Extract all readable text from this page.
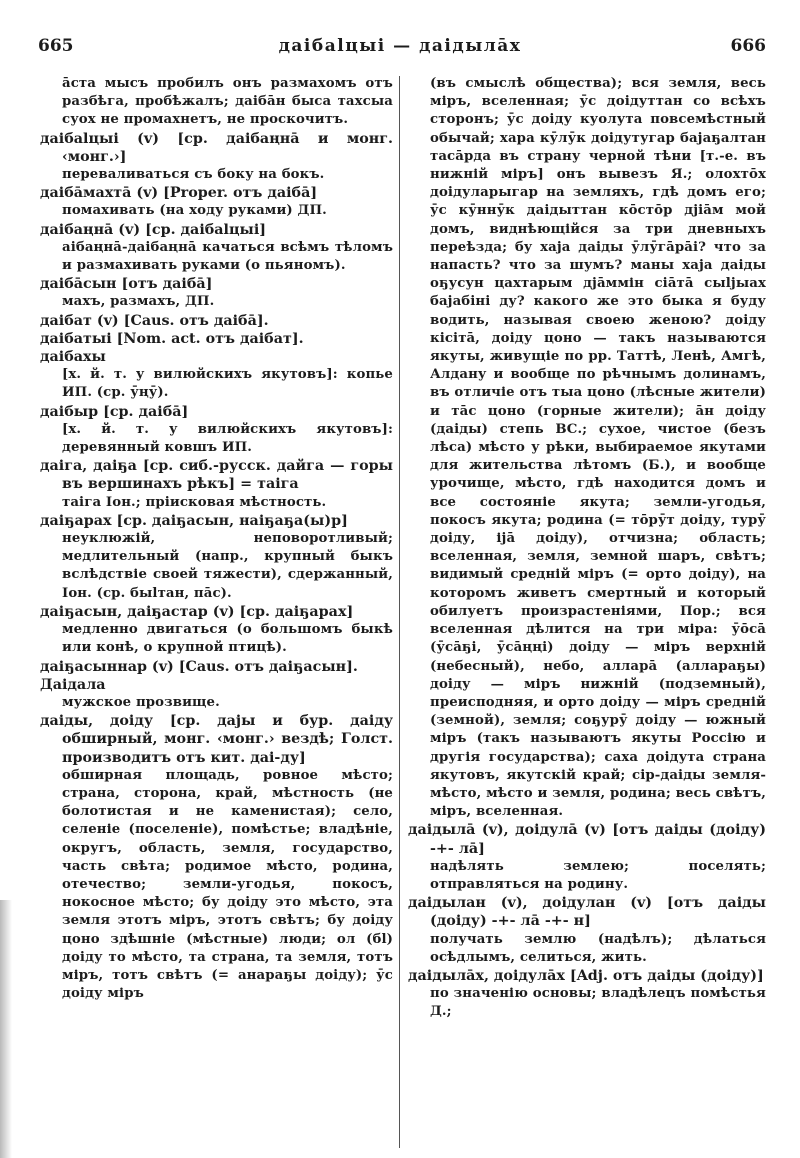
665	даiбаlцыi — даiдылāх	666

āста мысъ пробилъ онъ размахомъ отъ разбѣга, пробѣжалъ; даiбāн быса тахсыа суох не промахнетъ, не проскочитъ.

даiбаlцыi (v) [ср. даiбаңнā и монг. ‹монг.›]

переваливаться съ боку на бокъ.

даiбāмахтā (v) [Proper. отъ даiбā]

помахивать (на ходу руками) ДП.

даiбаңнā (v) [ср. даiбаlцыi]

аiбаңнā-даiбаңнā качаться всѣмъ тѣломъ и размахивать руками (о пьяномъ).

даiбāсын [отъ даiбā]

махъ, размахъ, ДП.

даiбат (v) [Caus. отъ даiбā].

даiбатыi [Nom. act. отъ даiбат].

даiбахы

[х. й. т. у вилюйскихъ якутовъ]: копье ИП. (ср. ӯңӯ).

даiбыр [ср. даiбā]

[х. й. т. у вилюйскихъ якутовъ]: деревянный ковшъ ИП.

даiга, даiҕа [ср. сиб.-русск. дайга — горы въ вершинахъ рѣкъ] = таiга

таiга Іон.; прiисковая мѣстность.

даiҕарах [ср. даiҕасын, наiҕаҕа(ы)р]

неуклюжій, неповоротливый; медлительный (напр., крупный быкъ вслѣдствіе своей тяжести), сдержанный, Іон. (ср. быlтан, пāс).

даiҕасын, даiҕастар (v) [ср. даiҕарах]

медленно двигаться (о большомъ быкѣ или конѣ, о крупной птицѣ).

даiҕасыннар (v) [Caus. отъ даiҕасын].

Даiдала

мужское прозвище.

даiды, доiду [ср. даjы и бур. даiду обширный, монг. ‹монг.› вездѣ; Голст. производитъ отъ кит. даi-ду]

обширная площадь, ровное мѣсто; страна, сторона, край, мѣстность (не болотистая и не каменистая); село, селеніе (поселеніе), помѣстье; владѣніе, округъ, область, земля, государство, часть свѣта; родимое мѣсто, родина, отечество; земли-угодья, покосъ, нокосное мѣсто; бу доiду это мѣсто, эта земля этотъ міръ, этотъ свѣтъ; бу доiду цоно здѣшніе (мѣстные) люди; ол (бl) доiду то мѣсто, та страна, та земля, тотъ міръ, тотъ свѣтъ (= анараҕы доiду); ӯс доiду міръ

(въ смыслѣ общества); вся земля, весь міръ, вселенная; ӯс доiдуттан со всѣхъ сторонъ; ӯс доiду куолута повсемѣстный обычай; хара кӯлӯк доiдутугар баjаҕалтан тасāрда въ страну черной тѣни [т.-е. въ нижній міръ] онъ вывезъ Я.; олохтōх доiдуларыгар на земляхъ, гдѣ домъ его; ӯс кӯннӯк даiдыттан кōстōр дjiāм мой домъ, виднѣющійся за три дневныхъ переѣзда; бу хаjа даiды ӯлӯгāрāi? что за напасть? что за шумъ? маны хаjа даiды оҕусун цахтарым дjāммін сiāтā сыljыах баjабiнi ду? какого же это быка я буду водить, называя своею женою? доiду кiсiтā, доiду цоно — такъ называются якуты, живущіе по рр. Таттѣ, Ленѣ, Амгѣ, Алдану и вообще по рѣчнымъ долинамъ, въ отличіе отъ тыа цоно (лѣсные жители) и тāс цоно (горные жители); āн доiду (даiды) степь ВС.; сухое, чистое (безъ лѣса) мѣсто у рѣки, выбираемое якутами для жительства лѣтомъ (Б.), и вообще урочище, мѣсто, гдѣ находится домъ и все состояніе якута; земли-угодья, покосъ якута; родина (= тōрӯт доiду, турӯ доiду, іjā доiду), отчизна; область; вселенная, земля, земной шаръ, свѣтъ; видимый средній міръ (= орто доiду), на которомъ живетъ смертный и который обилуетъ произрастеніями, Пор.; вся вселенная дѣлится на три міра: ӯōсā (ӯсāҕi, ӯсāңңi) доiду — міръ верхній (небесный), небо, алларā (аллараҕы) доiду — міръ нижній (подземный), преисподняя, и орто доiду — міръ средній (земной), земля; соҕурӯ доiду — южный міръ (такъ называютъ якуты Россію и другія государства); саха доiдута страна якутовъ, якутскій край; сiр-даiды земля-мѣсто, мѣсто и земля, родина; весь свѣтъ, міръ, вселенная.

даiдылā (v), доiдулā (v) [отъ даiды (доiду) -+- лā]

надѣлять землею; поселять; отправляться на родину.

даiдылан (v), доiдулан (v) [отъ даiды (доiду) -+- лā -+- н]

получать землю (надѣлъ); дѣлаться осѣдлымъ, селиться, жить.

даiдылāх, доiдулāх [Adj. отъ даiды (доiду)]

по значенію основы; владѣлецъ помѣстья Д.;
